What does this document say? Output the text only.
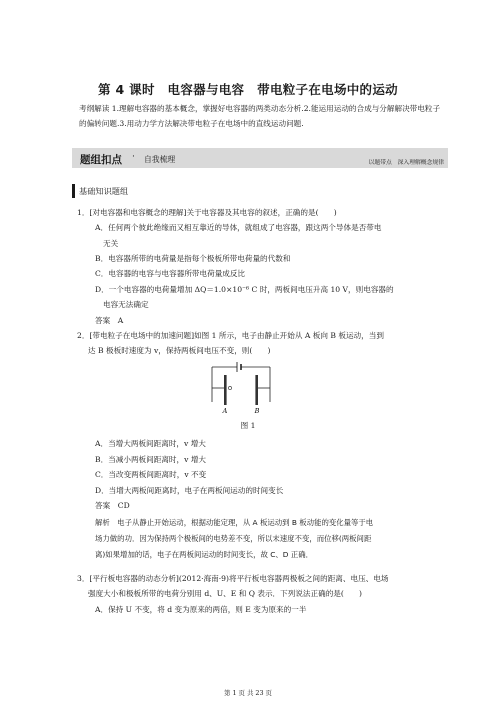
第 4 课时　电容器与电容　带电粒子在电场中的运动
考纲解读 1.理解电容器的基本概念，掌握好电容器的两类动态分析.2.能运用运动的合成与分解解决带电粒子的偏转问题.3.用动力学方法解决带电粒子在电场中的直线运动问题.
题组扣点 · 自我梳理	以题带点　深入理解概念规律
基础知识题组
1．[对电容器和电容概念的理解]关于电容器及其电容的叙述，正确的是(　　)
A．任何两个彼此绝缘而又相互靠近的导体，就组成了电容器，跟这两个导体是否带电
无关
B．电容器所带的电荷量是指每个极板所带电荷量的代数和
C．电容器的电容与电容器所带电荷量成反比
D．一个电容器的电荷量增加 ΔQ＝1.0×10⁻⁶ C 时，两板间电压升高 10 V，则电容器的
电容无法确定
答案　A
2．[带电粒子在电场中的加速问题]如图 1 所示，电子由静止开始从 A 板向 B 板运动，当到
达 B 极板时速度为 v，保持两板间电压不变，则(　　)
A	B
图 1
A．当增大两板间距离时，v 增大
B．当减小两板间距离时，v 增大
C．当改变两板间距离时，v 不变
D．当增大两板间距离时，电子在两板间运动的时间变长
答案　CD
解析　电子从静止开始运动，根据动能定理，从 A 板运动到 B 板动能的变化量等于电
场力做的功．因为保持两个极板间的电势差不变，所以末速度不变，而位移(两板间距
离)如果增加的话，电子在两板间运动的时间变长，故 C、D 正确．
3．[平行板电容器的动态分析](2012·海南·9)将平行板电容器两极板之间的距离、电压、电场
强度大小和极板所带的电荷分别用 d、U、E 和 Q 表示．下列说法正确的是(　　)
A．保持 U 不变，将 d 变为原来的两倍，则 E 变为原来的一半
第 1 页 共 23 页
